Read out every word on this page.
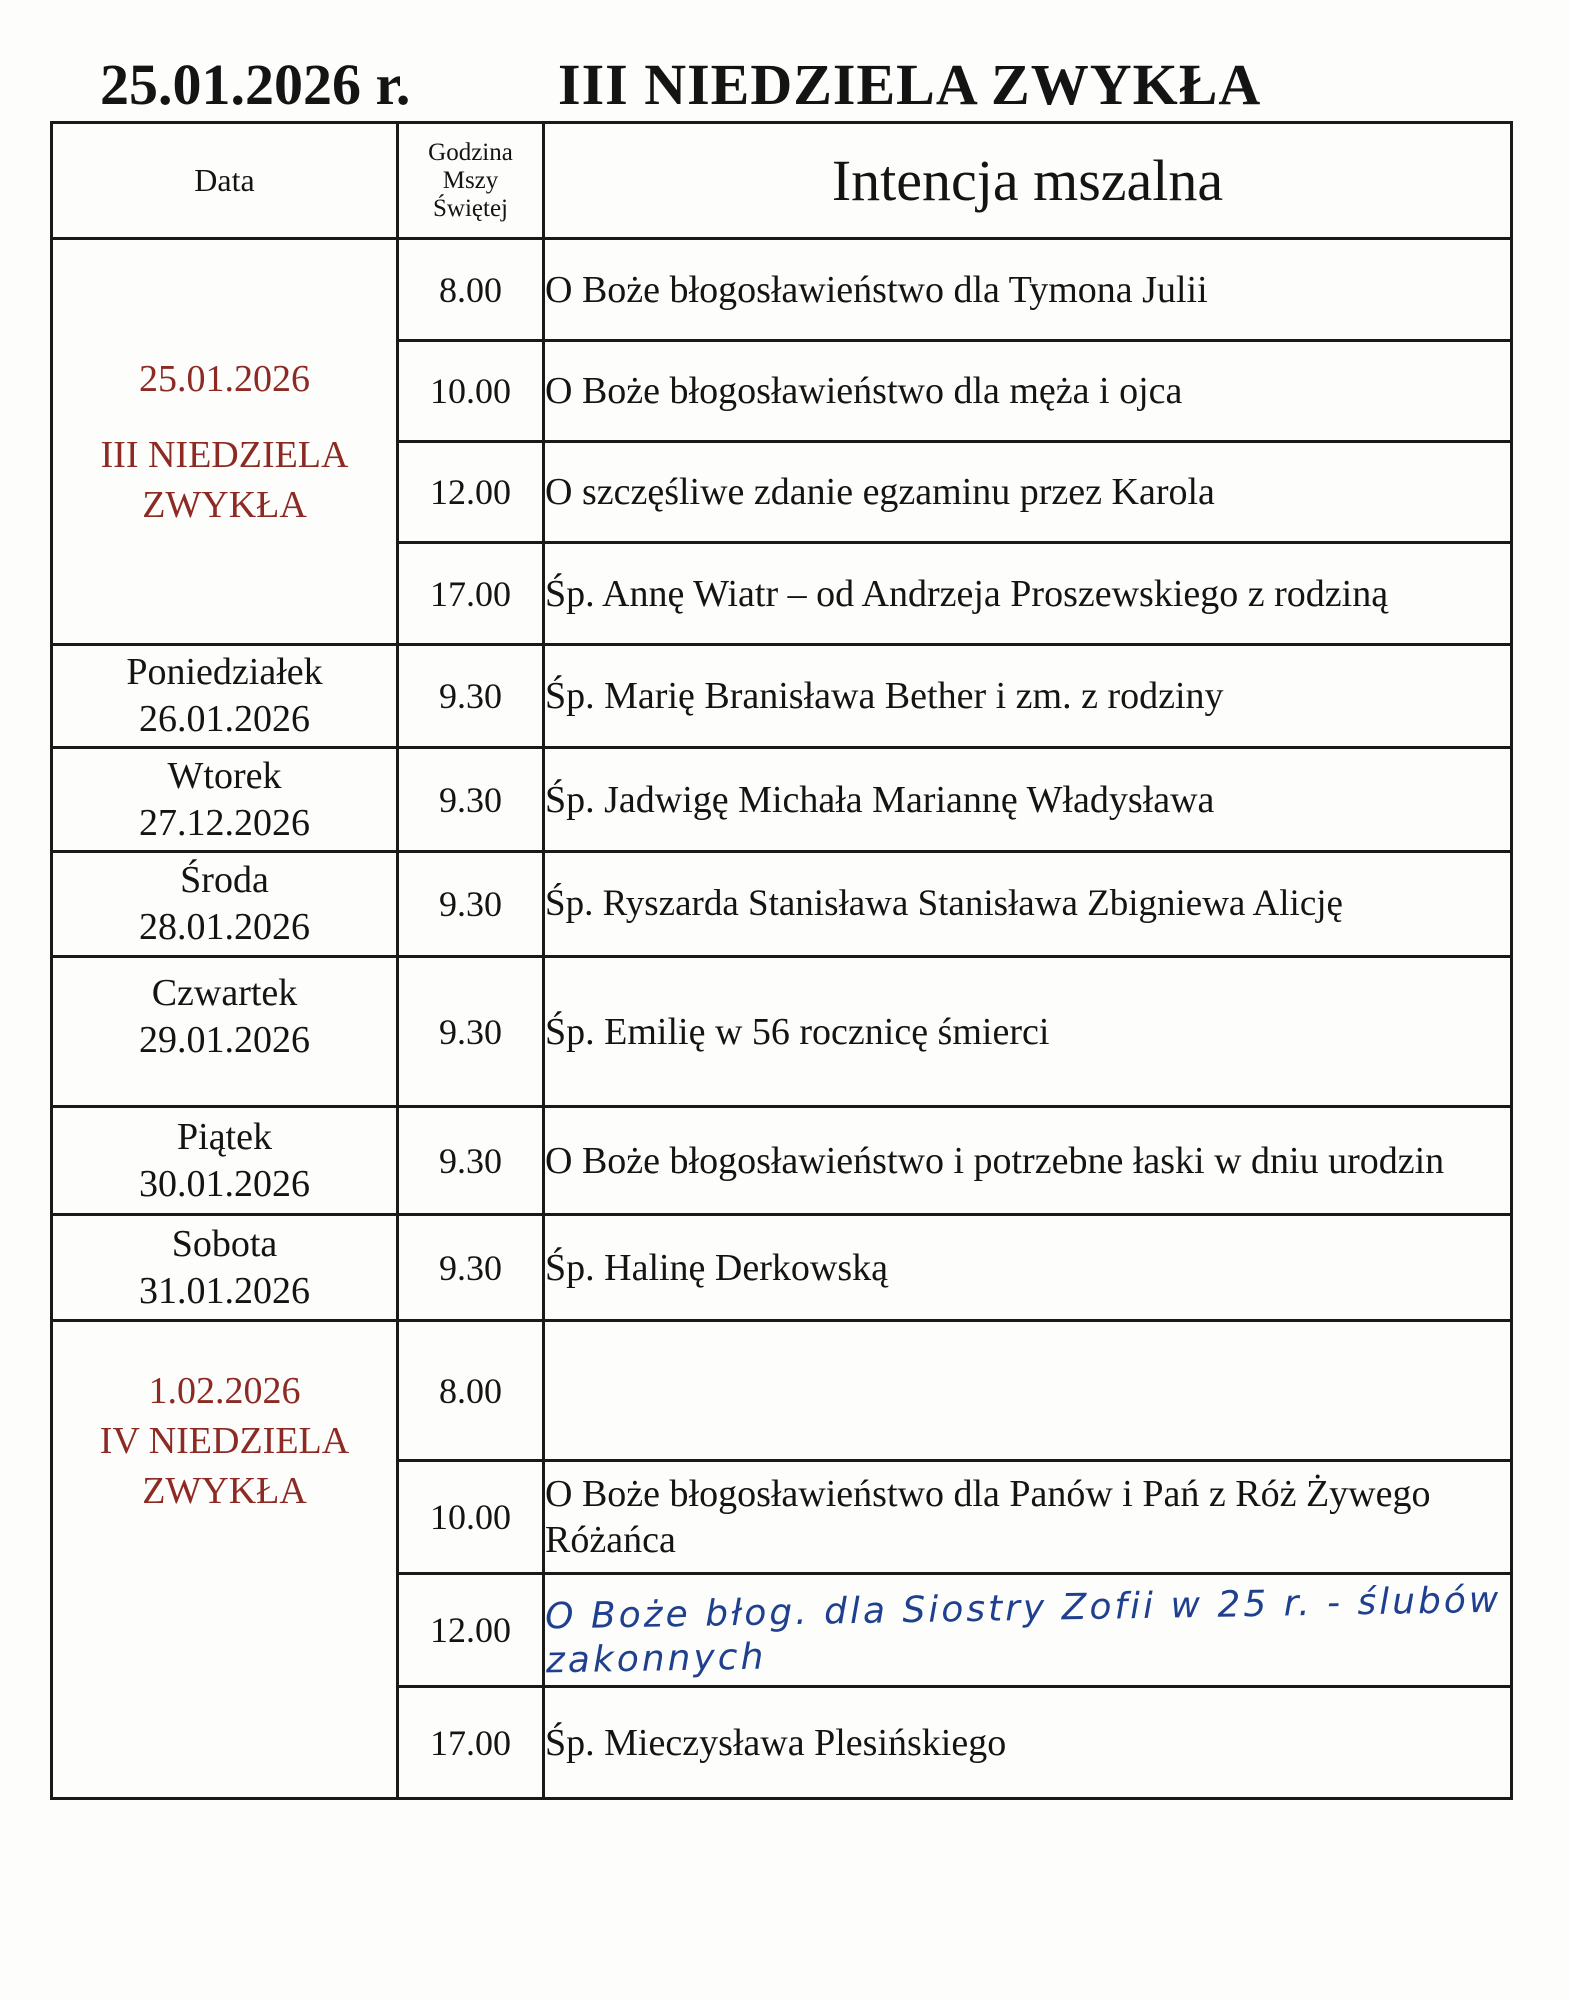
25.01.2026 r.	III NIEDZIELA ZWYKŁA
Data	Godzina
Mszy
Świętej	Intencja mszalna

25.01.2026
III NIEDZIELA
ZWYKŁA	8.00	O Boże błogosławieństwo dla Tymona Julii
	10.00	O Boże błogosławieństwo dla męża i ojca
	12.00	O szczęśliwe zdanie egzaminu przez Karola
	17.00	Śp. Annę Wiatr – od Andrzeja Proszewskiego z rodziną

Poniedziałek
26.01.2026	9.30	Śp. Marię Branisława Bether i zm. z rodziny

Wtorek
27.12.2026	9.30	Śp. Jadwigę Michała Mariannę Władysława

Środa
28.01.2026	9.30	Śp. Ryszarda Stanisława Stanisława Zbigniewa Alicję

Czwartek
29.01.2026	9.30	Śp. Emilię w 56 rocznicę śmierci

Piątek
30.01.2026	9.30	O Boże błogosławieństwo i potrzebne łaski w dniu urodzin

Sobota
31.01.2026	9.30	Śp. Halinę Derkowską

1.02.2026
IV NIEDZIELA
ZWYKŁA	8.00	
	10.00	O Boże błogosławieństwo dla Panów i Pań z Róż Żywego Różańca
	12.00	O Boże błog. dla Siostry Zofii w 25 r. - ślubów zakonnych
	17.00	Śp. Mieczysława Plesińskiego
